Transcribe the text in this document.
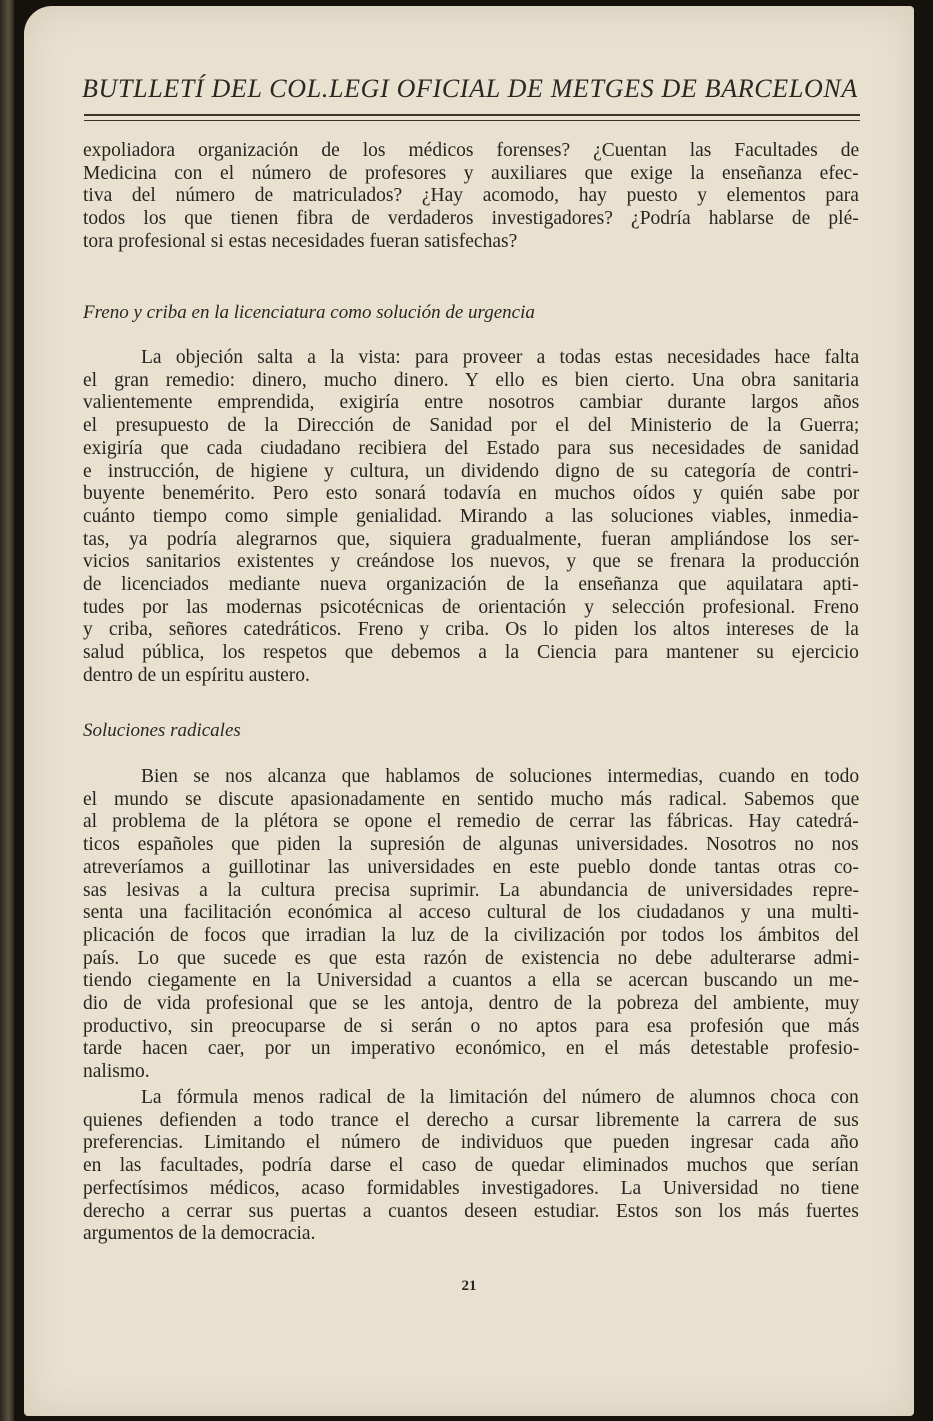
BUTLLETÍ DEL COL.LEGI OFICIAL DE METGES DE BARCELONA
expoliadora organización de los médicos forenses? ¿Cuentan las Facultades de
Medicina con el número de profesores y auxiliares que exige la enseñanza efec-
tiva del número de matriculados? ¿Hay acomodo, hay puesto y elementos para
todos los que tienen fibra de verdaderos investigadores? ¿Podría hablarse de plé-
tora profesional si estas necesidades fueran satisfechas?
Freno y criba en la licenciatura como solución de urgencia
La objeción salta a la vista: para proveer a todas estas necesidades hace falta
el gran remedio: dinero, mucho dinero. Y ello es bien cierto. Una obra sanitaria
valientemente emprendida, exigiría entre nosotros cambiar durante largos años
el presupuesto de la Dirección de Sanidad por el del Ministerio de la Guerra;
exigiría que cada ciudadano recibiera del Estado para sus necesidades de sanidad
e instrucción, de higiene y cultura, un dividendo digno de su categoría de contri-
buyente benemérito. Pero esto sonará todavía en muchos oídos y quién sabe por
cuánto tiempo como simple genialidad. Mirando a las soluciones viables, inmedia-
tas, ya podría alegrarnos que, siquiera gradualmente, fueran ampliándose los ser-
vicios sanitarios existentes y creándose los nuevos, y que se frenara la producción
de licenciados mediante nueva organización de la enseñanza que aquilatara apti-
tudes por las modernas psicotécnicas de orientación y selección profesional. Freno
y criba, señores catedráticos. Freno y criba. Os lo piden los altos intereses de la
salud pública, los respetos que debemos a la Ciencia para mantener su ejercicio
dentro de un espíritu austero.
Soluciones radicales
Bien se nos alcanza que hablamos de soluciones intermedias, cuando en todo
el mundo se discute apasionadamente en sentido mucho más radical. Sabemos que
al problema de la plétora se opone el remedio de cerrar las fábricas. Hay catedrá-
ticos españoles que piden la supresión de algunas universidades. Nosotros no nos
atreveríamos a guillotinar las universidades en este pueblo donde tantas otras co-
sas lesivas a la cultura precisa suprimir. La abundancia de universidades repre-
senta una facilitación económica al acceso cultural de los ciudadanos y una multi-
plicación de focos que irradian la luz de la civilización por todos los ámbitos del
país. Lo que sucede es que esta razón de existencia no debe adulterarse admi-
tiendo ciegamente en la Universidad a cuantos a ella se acercan buscando un me-
dio de vida profesional que se les antoja, dentro de la pobreza del ambiente, muy
productivo, sin preocuparse de si serán o no aptos para esa profesión que más
tarde hacen caer, por un imperativo económico, en el más detestable profesio-
nalismo.
La fórmula menos radical de la limitación del número de alumnos choca con
quienes defienden a todo trance el derecho a cursar libremente la carrera de sus
preferencias. Limitando el número de individuos que pueden ingresar cada año
en las facultades, podría darse el caso de quedar eliminados muchos que serían
perfectísimos médicos, acaso formidables investigadores. La Universidad no tiene
derecho a cerrar sus puertas a cuantos deseen estudiar. Estos son los más fuertes
argumentos de la democracia.
21
